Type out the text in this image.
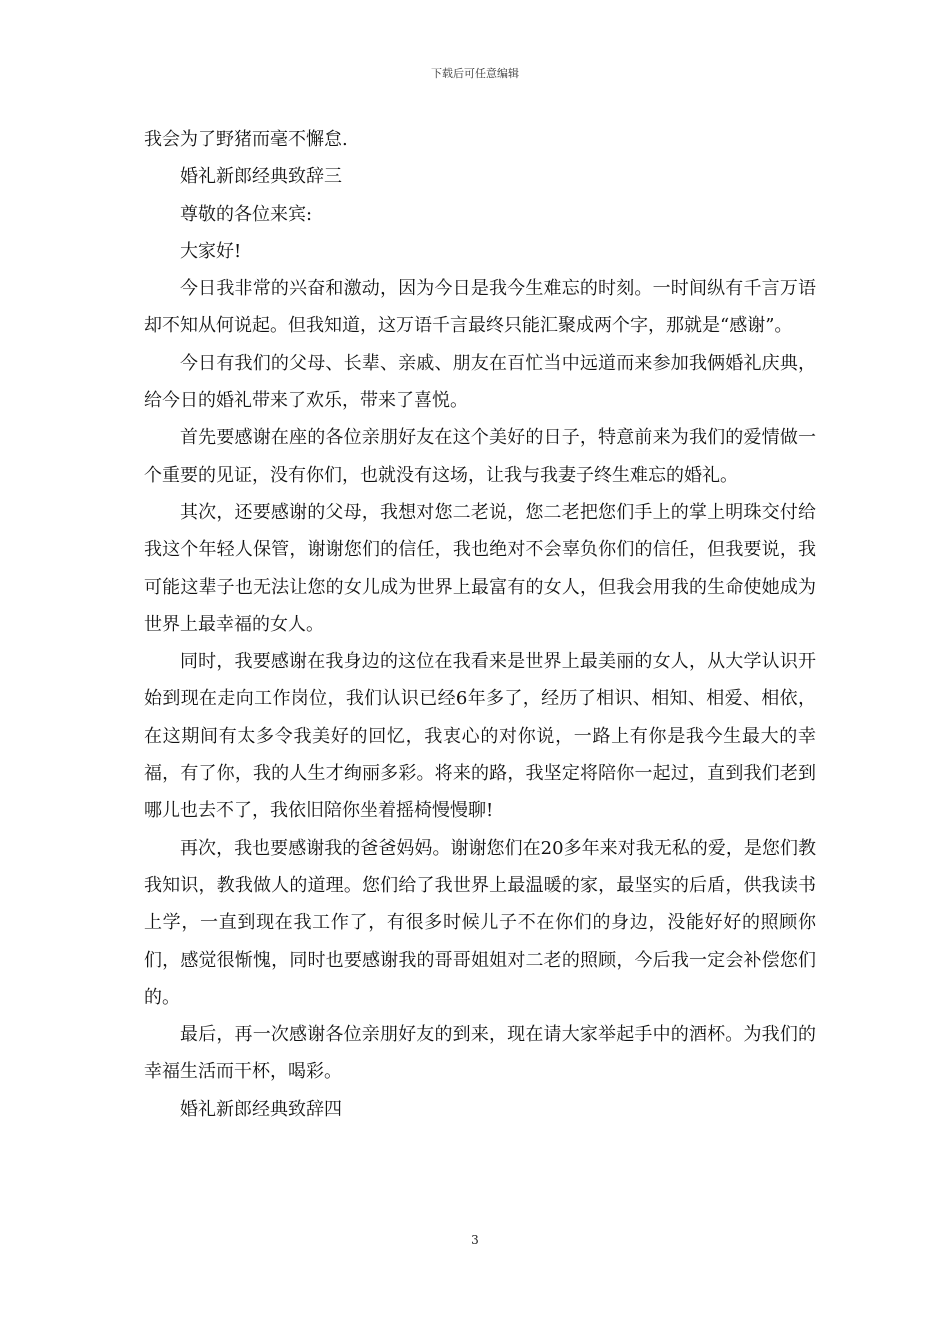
下载后可任意编辑

我会为了野猪而毫不懈怠.

婚礼新郎经典致辞三

尊敬的各位来宾:

大家好!

今日我非常的兴奋和激动，因为今日是我今生难忘的时刻。一时间纵有千言万语却不知从何说起。但我知道，这万语千言最终只能汇聚成两个字，那就是“感谢”。

今日有我们的父母、长辈、亲戚、朋友在百忙当中远道而来参加我俩婚礼庆典，给今日的婚礼带来了欢乐，带来了喜悦。

首先要感谢在座的各位亲朋好友在这个美好的日子，特意前来为我们的爱情做一个重要的见证，没有你们，也就没有这场，让我与我妻子终生难忘的婚礼。

其次，还要感谢的父母，我想对您二老说，您二老把您们手上的掌上明珠交付给我这个年轻人保管，谢谢您们的信任，我也绝对不会辜负你们的信任，但我要说，我可能这辈子也无法让您的女儿成为世界上最富有的女人，但我会用我的生命使她成为世界上最幸福的女人。

同时，我要感谢在我身边的这位在我看来是世界上最美丽的女人，从大学认识开始到现在走向工作岗位，我们认识已经6年多了，经历了相识、相知、相爱、相依，在这期间有太多令我美好的回忆，我衷心的对你说，一路上有你是我今生最大的幸福，有了你，我的人生才绚丽多彩。将来的路，我坚定将陪你一起过，直到我们老到哪儿也去不了，我依旧陪你坐着摇椅慢慢聊!

再次，我也要感谢我的爸爸妈妈。谢谢您们在20多年来对我无私的爱，是您们教我知识，教我做人的道理。您们给了我世界上最温暖的家，最坚实的后盾，供我读书上学，一直到现在我工作了，有很多时候儿子不在你们的身边，没能好好的照顾你们，感觉很惭愧，同时也要感谢我的哥哥姐姐对二老的照顾，今后我一定会补偿您们的。

最后，再一次感谢各位亲朋好友的到来，现在请大家举起手中的酒杯。为我们的幸福生活而干杯，喝彩。

婚礼新郎经典致辞四

3
